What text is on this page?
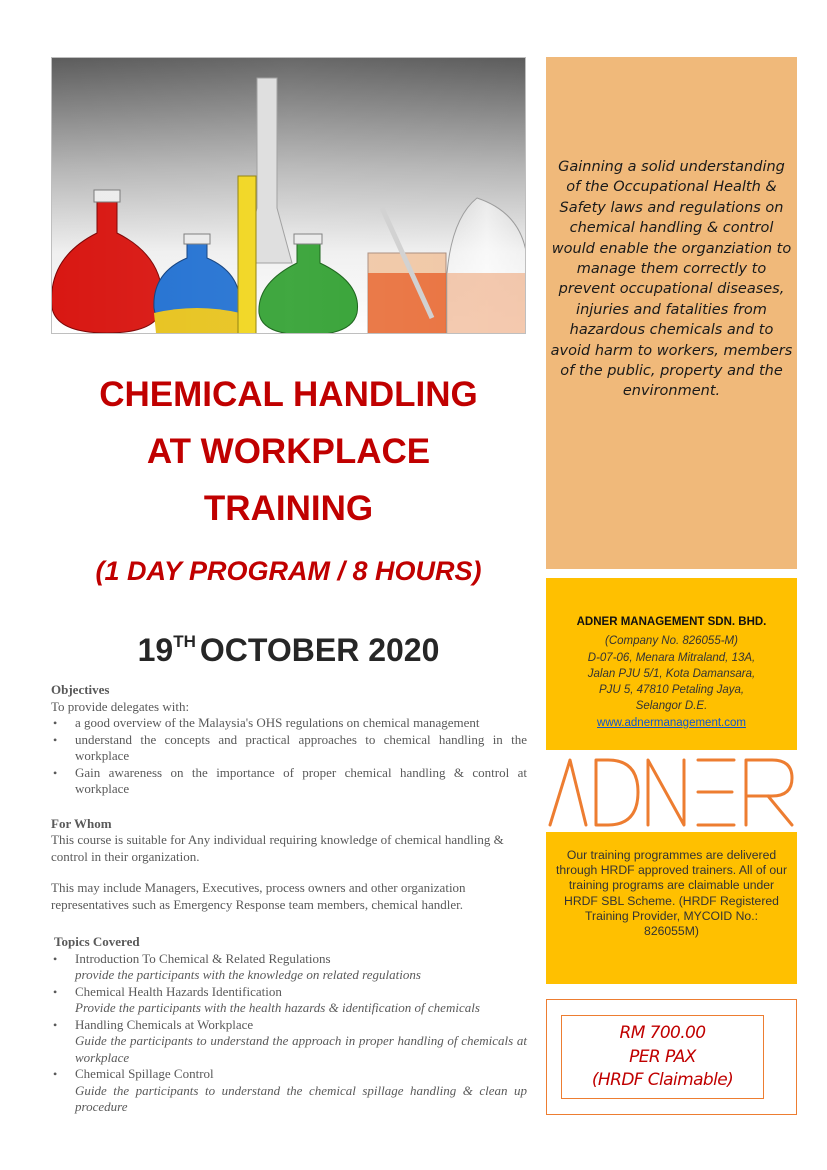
CHEMICAL HANDLING
AT WORKPLACE
TRAINING
(1 DAY PROGRAM / 8 HOURS)
19TH OCTOBER 2020
Objectives

To provide delegates with:

• a good overview of the Malaysia's OHS regulations on chemical management
• understand the concepts and practical approaches to chemical handling in the workplace
• Gain awareness on the importance of proper chemical handling & control at workplace
For Whom

This course is suitable for Any individual requiring knowledge of chemical handling & control in their organization.

This may include Managers, Executives, process owners and other organization representatives such as Emergency Response team members, chemical handler.

Topics Covered
• Introduction To Chemical & Related Regulations
provide the participants with the knowledge on related regulations
• Chemical Health Hazards Identification
Provide the participants with the health hazards & identification of chemicals
• Handling Chemicals at Workplace
Guide the participants to understand the approach in proper handling of chemicals at workplace
• Chemical Spillage Control
Guide the participants to understand the chemical spillage handling & clean up procedure
Gainning a solid understanding of the Occupational Health & Safety laws and regulations on chemical handling & control would enable the organziation to manage them correctly to prevent occupational diseases, injuries and fatalities from hazardous chemicals and to avoid harm to workers, members of the public, property and the environment.
ADNER MANAGEMENT SDN. BHD.
(Company No. 826055-M)
D-07-06, Menara Mitraland, 13A,
Jalan PJU 5/1, Kota Damansara,
PJU 5, 47810 Petaling Jaya,
Selangor D.E.
www.adnermanagement.com
Our training programmes are delivered through HRDF approved trainers. All of our training programs are claimable under HRDF SBL Scheme. (HRDF Registered Training Provider, MYCOID No.: 826055M)
RM 700.00
PER PAX
(HRDF Claimable)
